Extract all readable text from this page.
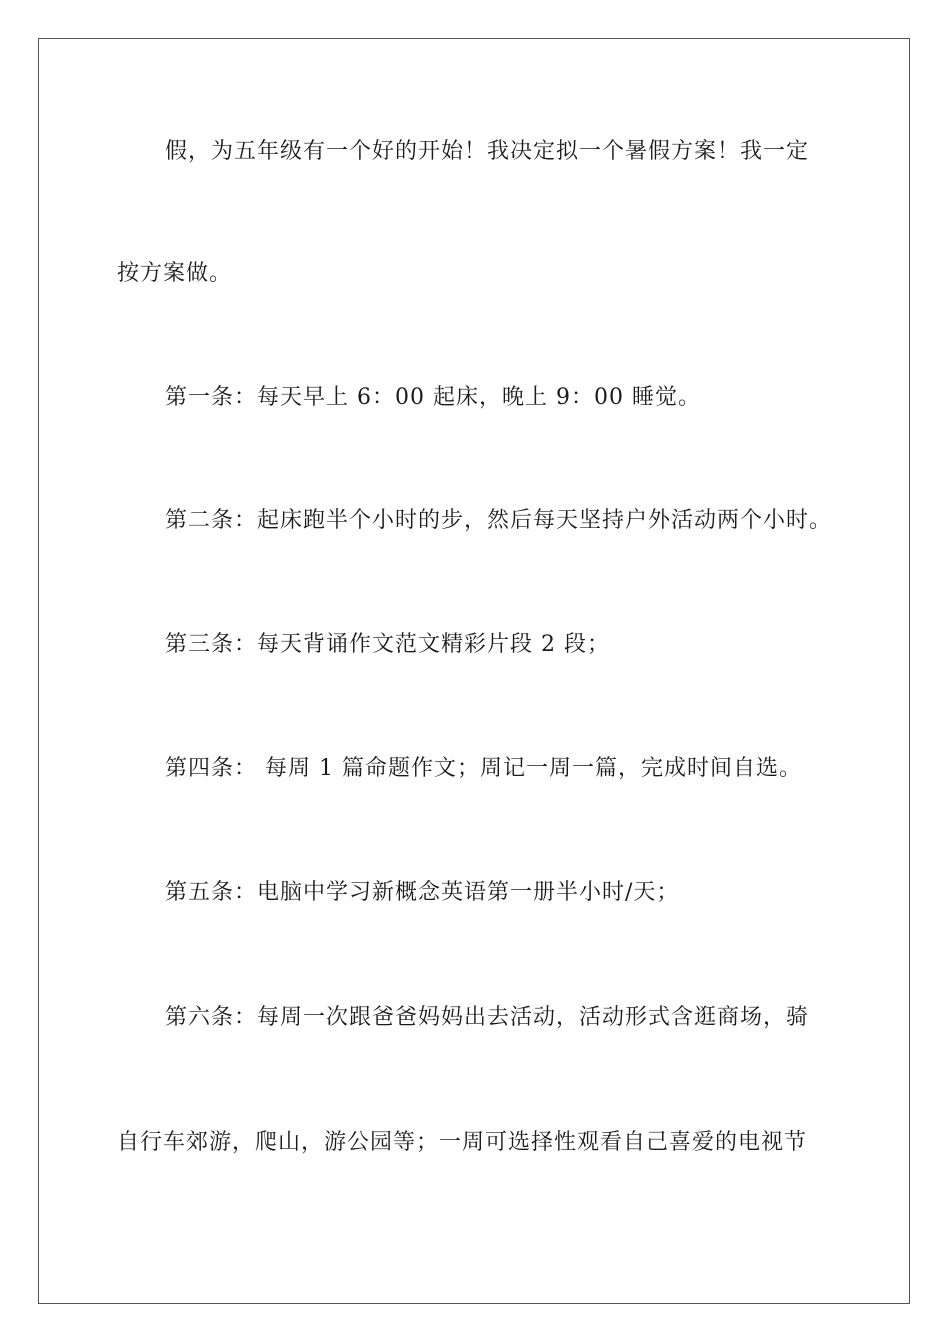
假，为五年级有一个好的开始！我决定拟一个暑假方案！我一定
按方案做。
第一条：每天早上 6：00 起床，晚上 9：00 睡觉。
第二条：起床跑半个小时的步，然后每天坚持户外活动两个小时。
第三条：每天背诵作文范文精彩片段 2 段；
第四条： 每周 1 篇命题作文；周记一周一篇，完成时间自选。
第五条：电脑中学习新概念英语第一册半小时/天；
第六条：每周一次跟爸爸妈妈出去活动，活动形式含逛商场，骑
自行车郊游，爬山，游公园等；一周可选择性观看自己喜爱的电视节
